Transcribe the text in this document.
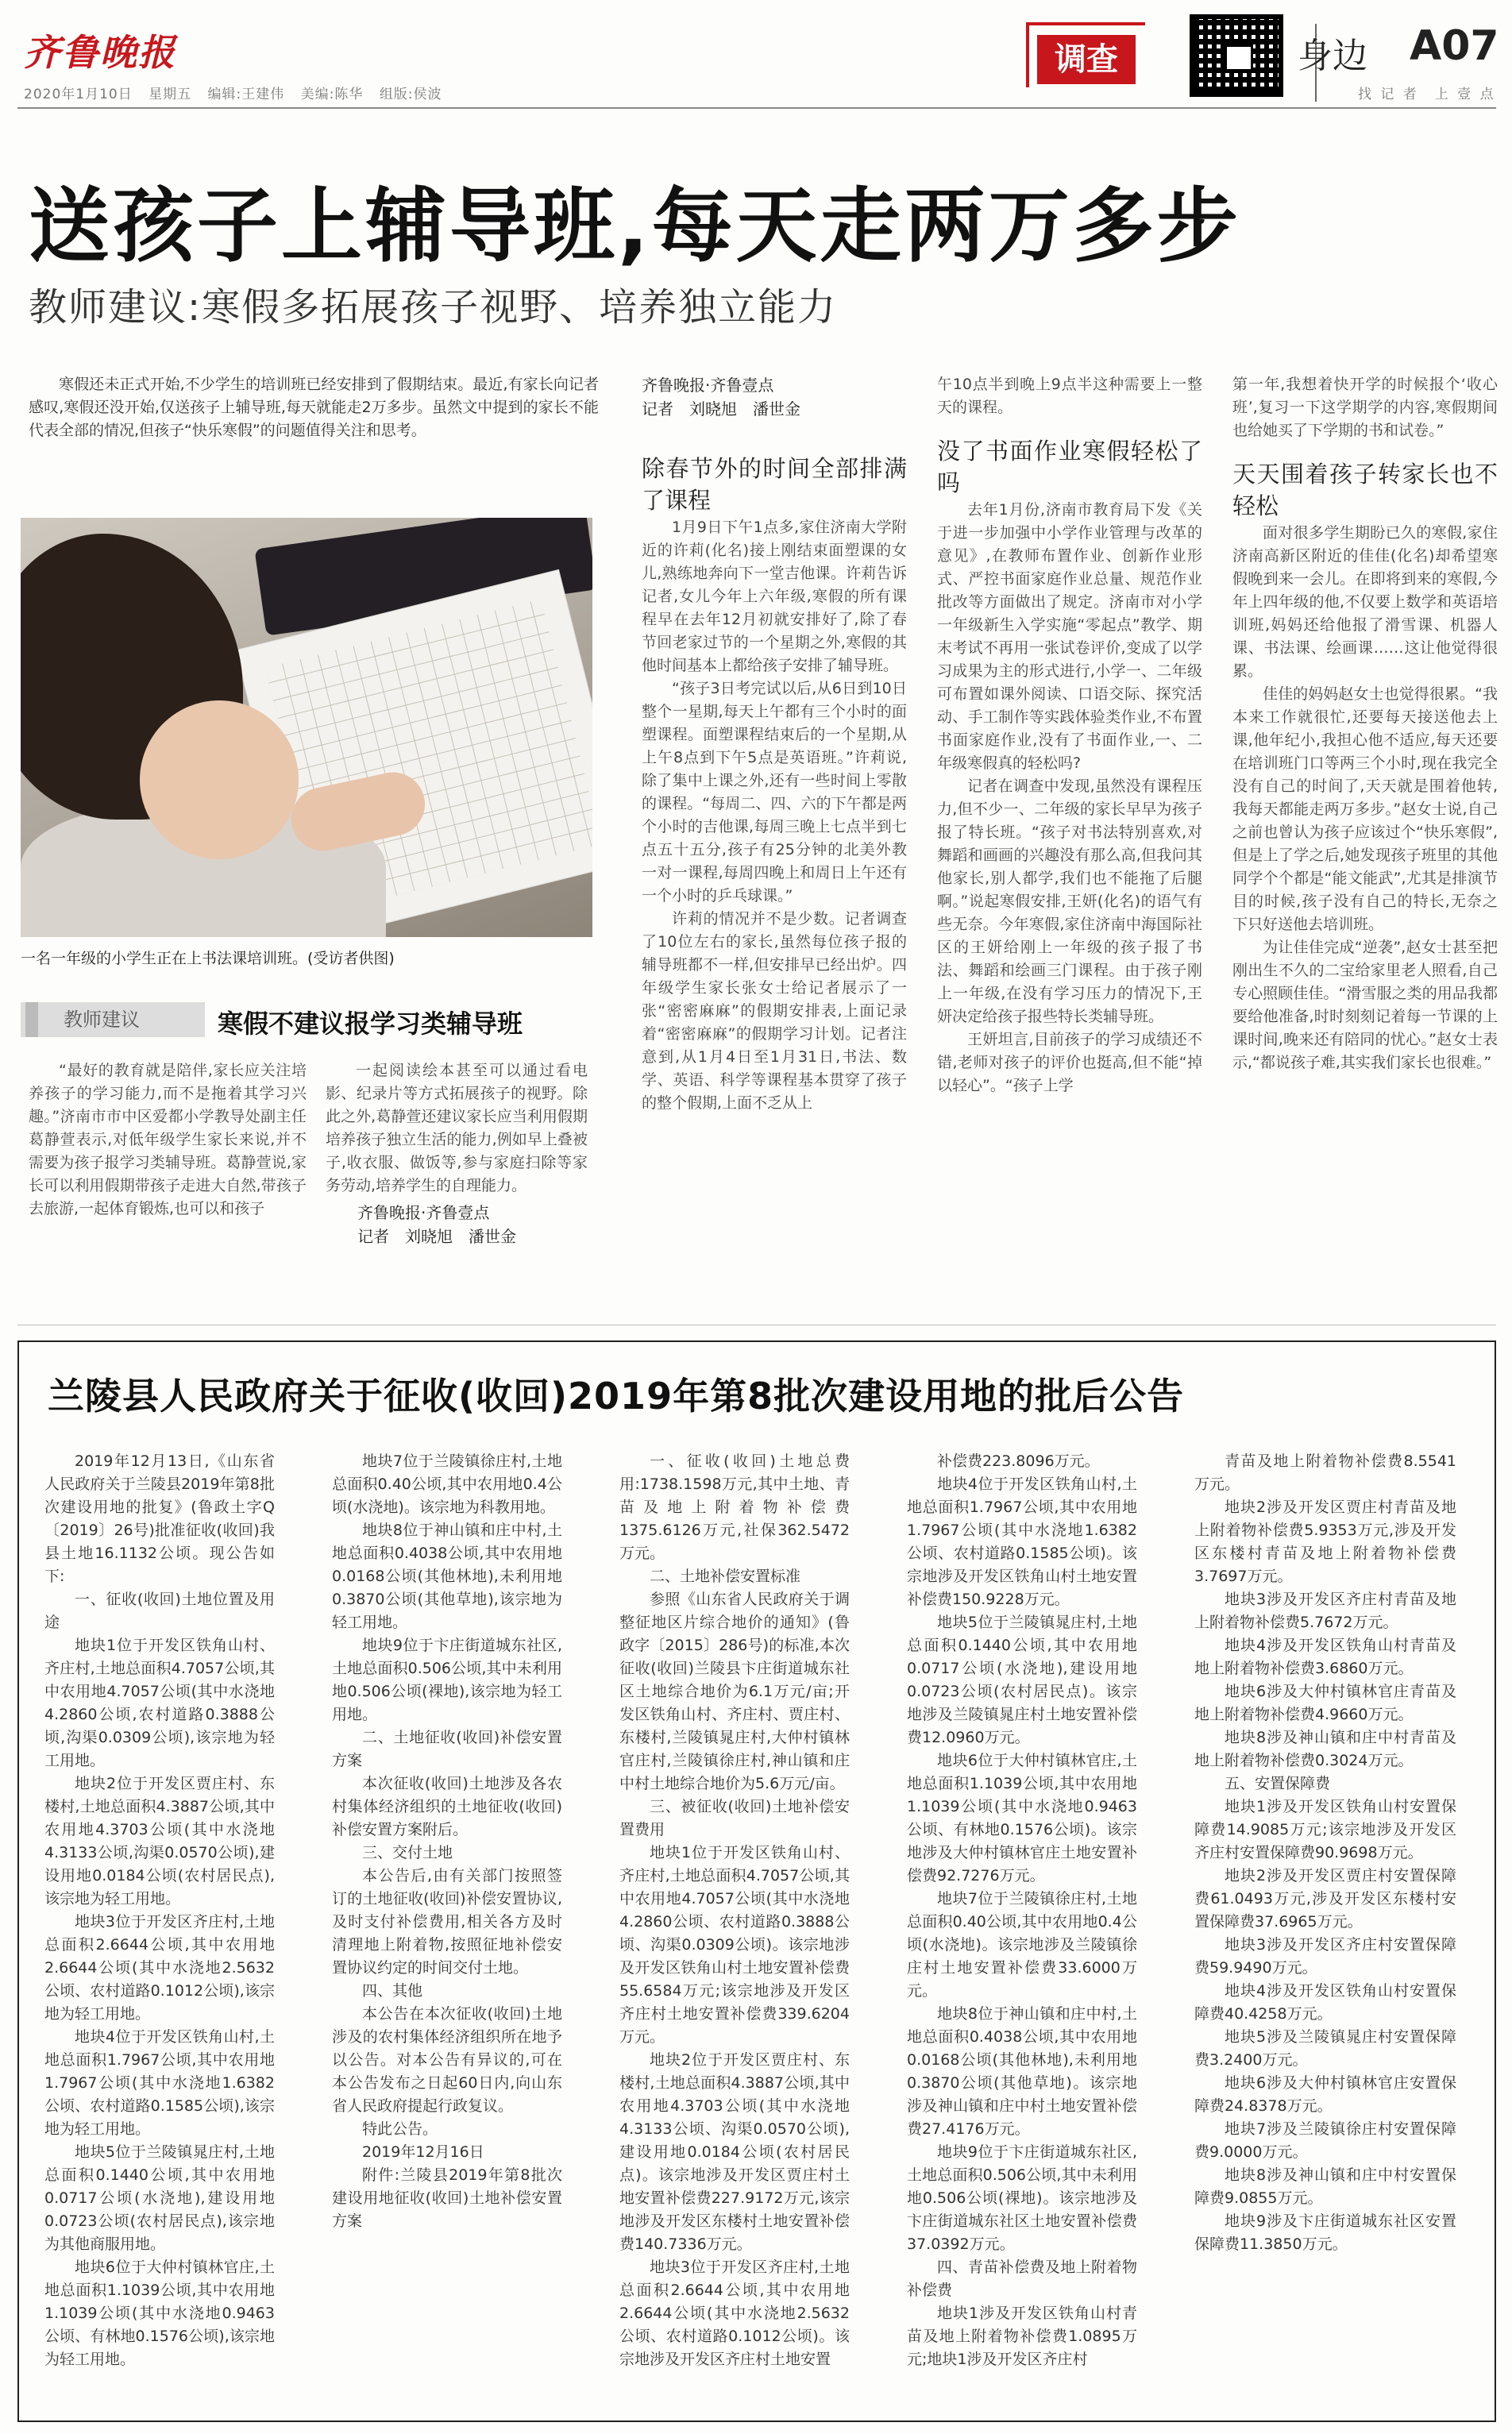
齐鲁晚报
2020年1月10日 星期五 编辑:王建伟 美编:陈华 组版:侯波
调查	身边 A07
找 记 者　上 壹 点
送孩子上辅导班,每天走两万多步
教师建议:寒假多拓展孩子视野、培养独立能力
寒假还未正式开始,不少学生的培训班已经安排到了假期结束。最近,有家长向记者感叹,寒假还没开始,仅送孩子上辅导班,每天就能走2万多步。虽然文中提到的家长不能代表全部的情况,但孩子“快乐寒假”的问题值得关注和思考。
一名一年级的小学生正在上书法课培训班。(受访者供图)
教师建议	寒假不建议报学习类辅导班

“最好的教育就是陪伴,家长应关注培养孩子的学习能力,而不是拖着其学习兴趣。”济南市市中区爱都小学教导处副主任葛静萱表示,对低年级学生家长来说,并不需要为孩子报学习类辅导班。葛静萱说,家长可以利用假期带孩子走进大自然,带孩子去旅游,一起体育锻炼,也可以和孩子

一起阅读绘本甚至可以通过看电影、纪录片等方式拓展孩子的视野。除此之外,葛静萱还建议家长应当利用假期培养孩子独立生活的能力,例如早上叠被子,收衣服、做饭等,参与家庭扫除等家务劳动,培养学生的自理能力。

齐鲁晚报·齐鲁壹点

记者　刘晓旭　潘世金

齐鲁晚报·齐鲁壹点

记者　刘晓旭　潘世金

除春节外的时间全部排满了课程

1月9日下午1点多,家住济南大学附近的许莉(化名)接上刚结束面塑课的女儿,熟练地奔向下一堂吉他课。许莉告诉记者,女儿今年上六年级,寒假的所有课程早在去年12月初就安排好了,除了春节回老家过节的一个星期之外,寒假的其他时间基本上都给孩子安排了辅导班。

“孩子3日考完试以后,从6日到10日整个一星期,每天上午都有三个小时的面塑课程。面塑课程结束后的一个星期,从上午8点到下午5点是英语班。”许莉说,除了集中上课之外,还有一些时间上零散的课程。“每周二、四、六的下午都是两个小时的吉他课,每周三晚上七点半到七点五十五分,孩子有25分钟的北美外教一对一课程,每周四晚上和周日上午还有一个小时的乒乓球课。”

许莉的情况并不是少数。记者调查了10位左右的家长,虽然每位孩子报的辅导班都不一样,但安排早已经出炉。四年级学生家长张女士给记者展示了一张“密密麻麻”的假期安排表,上面记录着“密密麻麻”的假期学习计划。记者注意到,从1月4日至1月31日,书法、数学、英语、科学等课程基本贯穿了孩子的整个假期,上面不乏从上

午10点半到晚上9点半这种需要上一整天的课程。

没了书面作业寒假轻松了吗

去年1月份,济南市教育局下发《关于进一步加强中小学作业管理与改革的意见》,在教师布置作业、创新作业形式、严控书面家庭作业总量、规范作业批改等方面做出了规定。济南市对小学一年级新生入学实施“零起点”教学、期末考试不再用一张试卷评价,变成了以学习成果为主的形式进行,小学一、二年级可布置如课外阅读、口语交际、探究活动、手工制作等实践体验类作业,不布置书面家庭作业,没有了书面作业,一、二年级寒假真的轻松吗?

记者在调查中发现,虽然没有课程压力,但不少一、二年级的家长早早为孩子报了特长班。“孩子对书法特别喜欢,对舞蹈和画画的兴趣没有那么高,但我问其他家长,别人都学,我们也不能拖了后腿啊。”说起寒假安排,王妍(化名)的语气有些无奈。今年寒假,家住济南中海国际社区的王妍给刚上一年级的孩子报了书法、舞蹈和绘画三门课程。由于孩子刚上一年级,在没有学习压力的情况下,王妍决定给孩子报些特长类辅导班。

王妍坦言,目前孩子的学习成绩还不错,老师对孩子的评价也挺高,但不能“掉以轻心”。“孩子上学

第一年,我想着快开学的时候报个‘收心班’,复习一下这学期学的内容,寒假期间也给她买了下学期的书和试卷。”

天天围着孩子转家长也不轻松

面对很多学生期盼已久的寒假,家住济南高新区附近的佳佳(化名)却希望寒假晚到来一会儿。在即将到来的寒假,今年上四年级的他,不仅要上数学和英语培训班,妈妈还给他报了滑雪课、机器人课、书法课、绘画课……这让他觉得很累。

佳佳的妈妈赵女士也觉得很累。“我本来工作就很忙,还要每天接送他去上课,他年纪小,我担心他不适应,每天还要在培训班门口等两三个小时,现在我完全没有自己的时间了,天天就是围着他转,我每天都能走两万多步。”赵女士说,自己之前也曾认为孩子应该过个“快乐寒假”,但是上了学之后,她发现孩子班里的其他同学个个都是“能文能武”,尤其是排演节目的时候,孩子没有自己的特长,无奈之下只好送他去培训班。

为让佳佳完成“逆袭”,赵女士甚至把刚出生不久的二宝给家里老人照看,自己专心照顾佳佳。“滑雪服之类的用品我都要给他准备,时时刻刻记着每一节课的上课时间,晚来还有陪同的忧心。”赵女士表示,“都说孩子难,其实我们家长也很难。”

兰陵县人民政府关于征收(收回)2019年第8批次建设用地的批后公告

2019年12月13日,《山东省人民政府关于兰陵县2019年第8批次建设用地的批复》(鲁政土字Q〔2019〕26号)批准征收(收回)我县土地16.1132公顷。现公告如下:

一、征收(收回)土地位置及用途

地块1位于开发区铁角山村、齐庄村,土地总面积4.7057公顷,其中农用地4.7057公顷(其中水浇地4.2860公顷,农村道路0.3888公顷,沟渠0.0309公顷),该宗地为轻工用地。

地块2位于开发区贾庄村、东楼村,土地总面积4.3887公顷,其中农用地4.3703公顷(其中水浇地4.3133公顷,沟渠0.0570公顷),建设用地0.0184公顷(农村居民点),该宗地为轻工用地。

地块3位于开发区齐庄村,土地总面积2.6644公顷,其中农用地2.6644公顷(其中水浇地2.5632公顷、农村道路0.1012公顷),该宗地为轻工用地。

地块4位于开发区铁角山村,土地总面积1.7967公顷,其中农用地1.7967公顷(其中水浇地1.6382公顷、农村道路0.1585公顷),该宗地为轻工用地。

地块5位于兰陵镇晁庄村,土地总面积0.1440公顷,其中农用地0.0717公顷(水浇地),建设用地0.0723公顷(农村居民点),该宗地为其他商服用地。

地块6位于大仲村镇林官庄,土地总面积1.1039公顷,其中农用地1.1039公顷(其中水浇地0.9463公顷、有林地0.1576公顷),该宗地为轻工用地。

地块7位于兰陵镇徐庄村,土地总面积0.40公顷,其中农用地0.4公顷(水浇地)。该宗地为科教用地。

地块8位于神山镇和庄中村,土地总面积0.4038公顷,其中农用地0.0168公顷(其他林地),未利用地0.3870公顷(其他草地),该宗地为轻工用地。

地块9位于卞庄街道城东社区,土地总面积0.506公顷,其中未利用地0.506公顷(裸地),该宗地为轻工用地。

二、土地征收(收回)补偿安置方案

本次征收(收回)土地涉及各农村集体经济组织的土地征收(收回)补偿安置方案附后。

三、交付土地

本公告后,由有关部门按照签订的土地征收(收回)补偿安置协议,及时支付补偿费用,相关各方及时清理地上附着物,按照征地补偿安置协议约定的时间交付土地。

四、其他

本公告在本次征收(收回)土地涉及的农村集体经济组织所在地予以公告。对本公告有异议的,可在本公告发布之日起60日内,向山东省人民政府提起行政复议。

特此公告。

2019年12月16日

附件:兰陵县2019年第8批次建设用地征收(收回)土地补偿安置方案

一、征收(收回)土地总费用:1738.1598万元,其中土地、青苗及地上附着物补偿费1375.6126万元,社保362.5472万元。

二、土地补偿安置标准

参照《山东省人民政府关于调整征地区片综合地价的通知》(鲁政字〔2015〕286号)的标准,本次征收(收回)兰陵县卞庄街道城东社区土地综合地价为6.1万元/亩;开发区铁角山村、齐庄村、贾庄村、东楼村,兰陵镇晁庄村,大仲村镇林官庄村,兰陵镇徐庄村,神山镇和庄中村土地综合地价为5.6万元/亩。

三、被征收(收回)土地补偿安置费用

地块1位于开发区铁角山村、齐庄村,土地总面积4.7057公顷,其中农用地4.7057公顷(其中水浇地4.2860公顷、农村道路0.3888公顷、沟渠0.0309公顷)。该宗地涉及开发区铁角山村土地安置补偿费55.6584万元;该宗地涉及开发区齐庄村土地安置补偿费339.6204万元。

地块2位于开发区贾庄村、东楼村,土地总面积4.3887公顷,其中农用地4.3703公顷(其中水浇地4.3133公顷、沟渠0.0570公顷),建设用地0.0184公顷(农村居民点)。该宗地涉及开发区贾庄村土地安置补偿费227.9172万元,该宗地涉及开发区东楼村土地安置补偿费140.7336万元。

地块3位于开发区齐庄村,土地总面积2.6644公顷,其中农用地2.6644公顷(其中水浇地2.5632公顷、农村道路0.1012公顷)。该宗地涉及开发区齐庄村土地安置

补偿费223.8096万元。

地块4位于开发区铁角山村,土地总面积1.7967公顷,其中农用地1.7967公顷(其中水浇地1.6382公顷、农村道路0.1585公顷)。该宗地涉及开发区铁角山村土地安置补偿费150.9228万元。

地块5位于兰陵镇晁庄村,土地总面积0.1440公顷,其中农用地0.0717公顷(水浇地),建设用地0.0723公顷(农村居民点)。该宗地涉及兰陵镇晁庄村土地安置补偿费12.0960万元。

地块6位于大仲村镇林官庄,土地总面积1.1039公顷,其中农用地1.1039公顷(其中水浇地0.9463公顷、有林地0.1576公顷)。该宗地涉及大仲村镇林官庄土地安置补偿费92.7276万元。

地块7位于兰陵镇徐庄村,土地总面积0.40公顷,其中农用地0.4公顷(水浇地)。该宗地涉及兰陵镇徐庄村土地安置补偿费33.6000万元。

地块8位于神山镇和庄中村,土地总面积0.4038公顷,其中农用地0.0168公顷(其他林地),未利用地0.3870公顷(其他草地)。该宗地涉及神山镇和庄中村土地安置补偿费27.4176万元。

地块9位于卞庄街道城东社区,土地总面积0.506公顷,其中未利用地0.506公顷(裸地)。该宗地涉及卞庄街道城东社区土地安置补偿费37.0392万元。

四、青苗补偿费及地上附着物补偿费

地块1涉及开发区铁角山村青苗及地上附着物补偿费1.0895万元;地块1涉及开发区齐庄村

青苗及地上附着物补偿费8.5541万元。

地块2涉及开发区贾庄村青苗及地上附着物补偿费5.9353万元,涉及开发区东楼村青苗及地上附着物补偿费3.7697万元。

地块3涉及开发区齐庄村青苗及地上附着物补偿费5.7672万元。

地块4涉及开发区铁角山村青苗及地上附着物补偿费3.6860万元。

地块6涉及大仲村镇林官庄青苗及地上附着物补偿费4.9660万元。

地块8涉及神山镇和庄中村青苗及地上附着物补偿费0.3024万元。

五、安置保障费

地块1涉及开发区铁角山村安置保障费14.9085万元;该宗地涉及开发区齐庄村安置保障费90.9698万元。

地块2涉及开发区贾庄村安置保障费61.0493万元,涉及开发区东楼村安置保障费37.6965万元。

地块3涉及开发区齐庄村安置保障费59.9490万元。

地块4涉及开发区铁角山村安置保障费40.4258万元。

地块5涉及兰陵镇晁庄村安置保障费3.2400万元。

地块6涉及大仲村镇林官庄安置保障费24.8378万元。

地块7涉及兰陵镇徐庄村安置保障费9.0000万元。

地块8涉及神山镇和庄中村安置保障费9.0855万元。

地块9涉及卞庄街道城东社区安置保障费11.3850万元。
